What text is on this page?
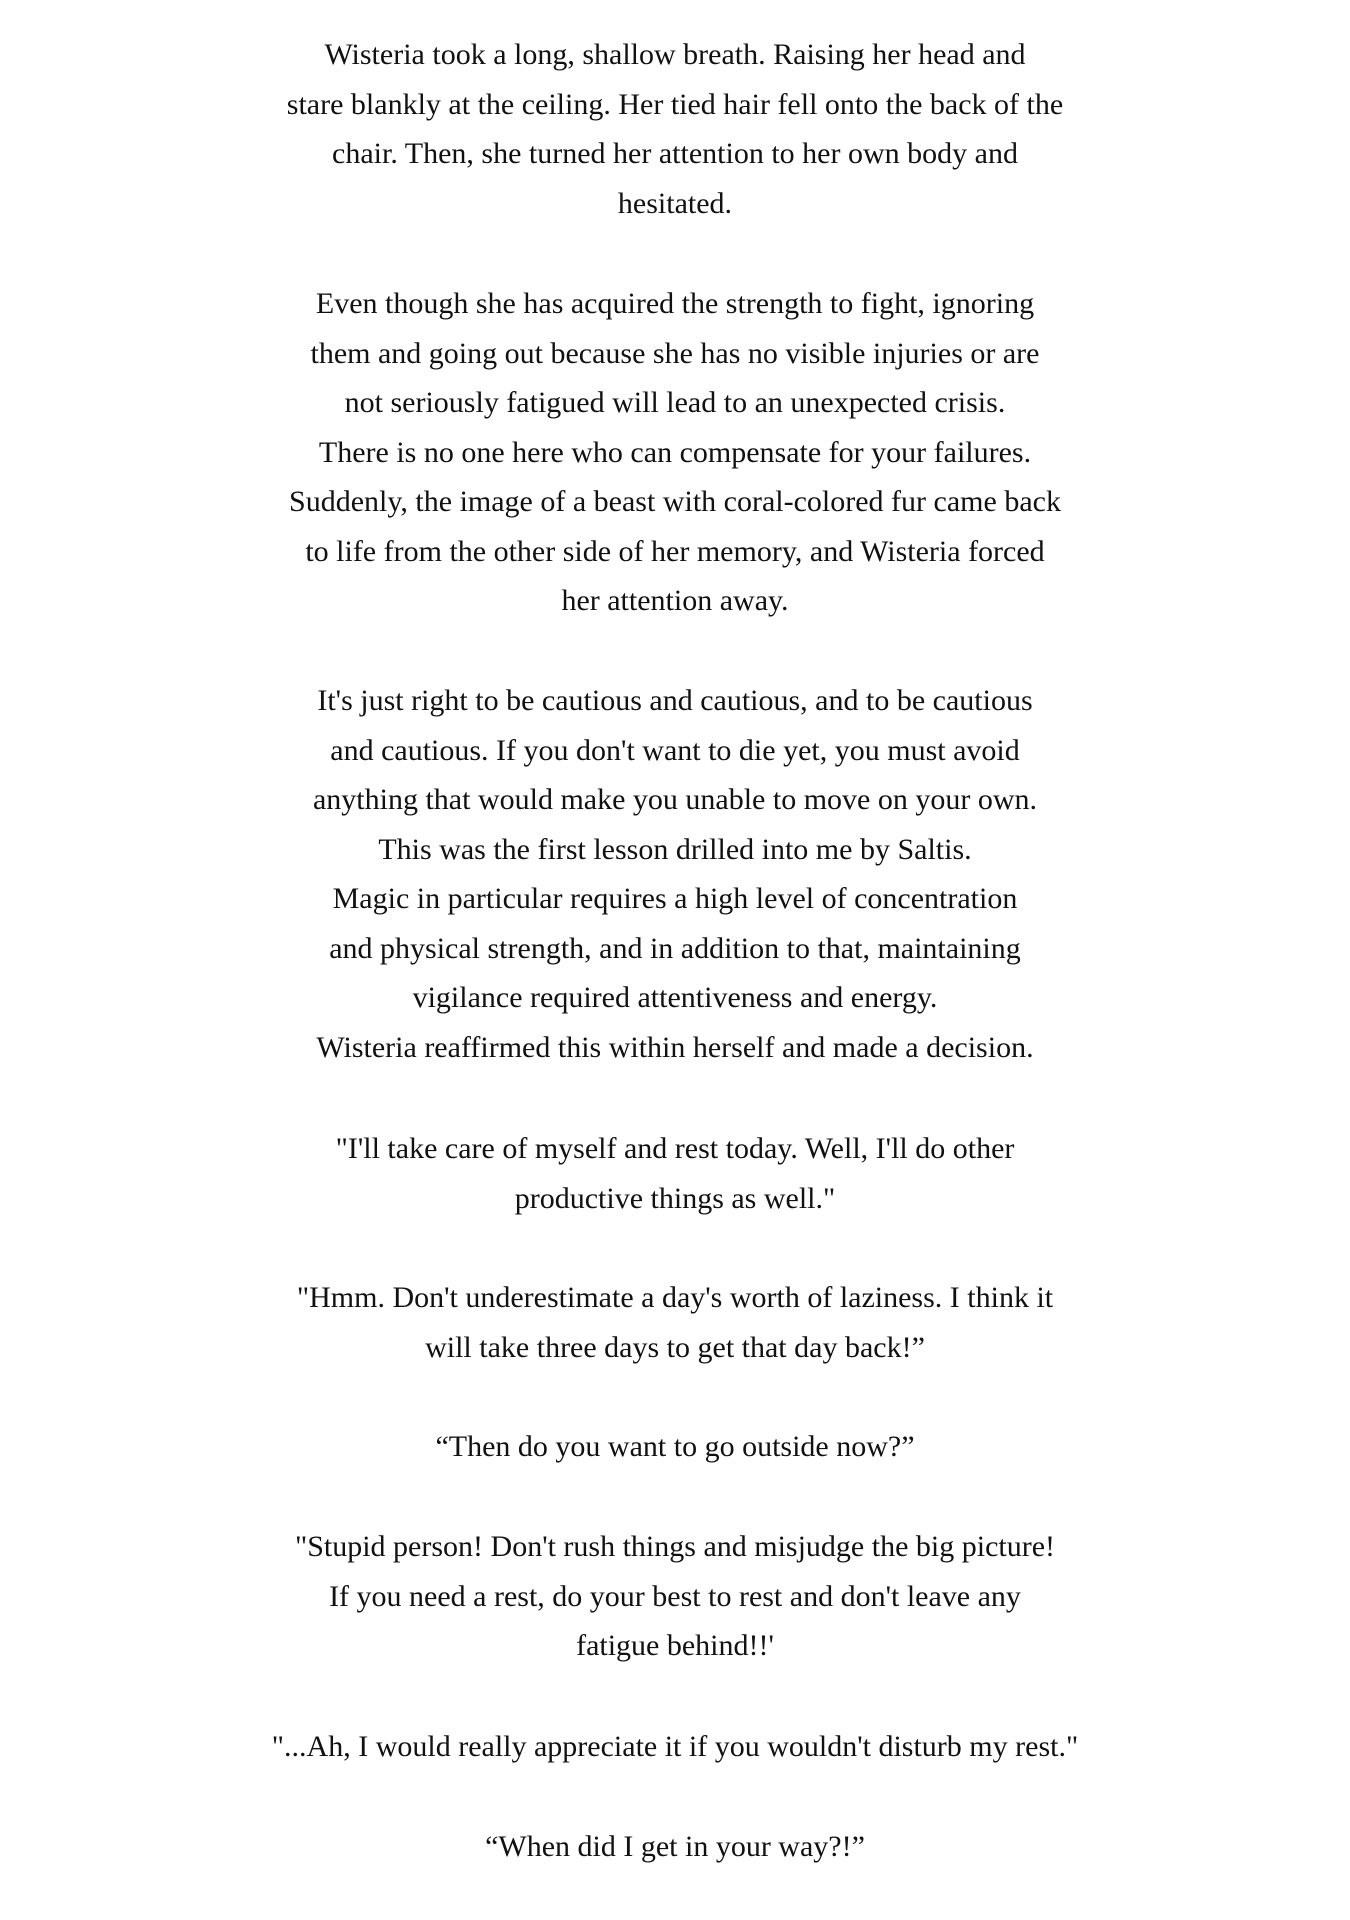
Wisteria took a long, shallow breath. Raising her head and
stare blankly at the ceiling. Her tied hair fell onto the back of the
chair. Then, she turned her attention to her own body and
hesitated.
Even though she has acquired the strength to fight, ignoring
them and going out because she has no visible injuries or are
not seriously fatigued will lead to an unexpected crisis.
There is no one here who can compensate for your failures.
Suddenly, the image of a beast with coral-colored fur came back
to life from the other side of her memory, and Wisteria forced
her attention away.
It's just right to be cautious and cautious, and to be cautious
and cautious. If you don't want to die yet, you must avoid
anything that would make you unable to move on your own.
This was the first lesson drilled into me by Saltis.
Magic in particular requires a high level of concentration
and physical strength, and in addition to that, maintaining
vigilance required attentiveness and energy.
Wisteria reaffirmed this within herself and made a decision.
"I'll take care of myself and rest today. Well, I'll do other
productive things as well."
"Hmm. Don't underestimate a day's worth of laziness. I think it
will take three days to get that day back!”
“Then do you want to go outside now?”
"Stupid person! Don't rush things and misjudge the big picture!
If you need a rest, do your best to rest and don't leave any
fatigue behind!!'
"...Ah, I would really appreciate it if you wouldn't disturb my rest."
“When did I get in your way?!”
